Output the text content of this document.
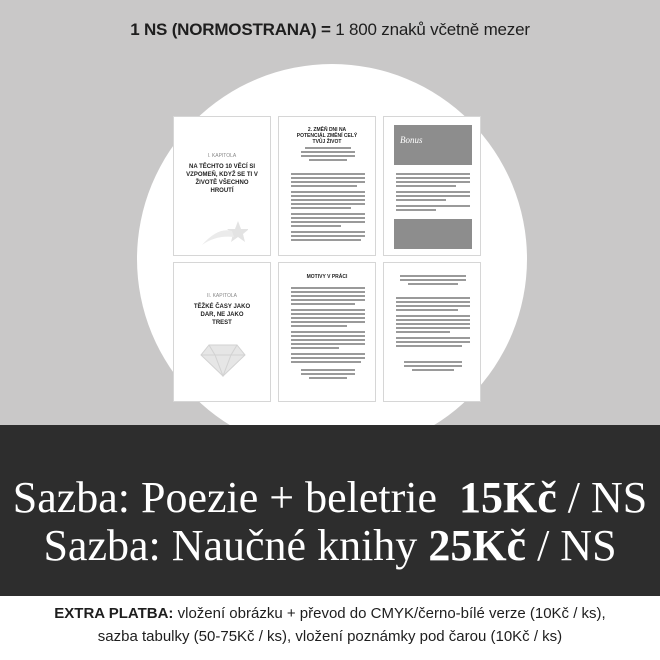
1 NS (NORMOSTRANA) = 1 800 znaků včetně mezer
I. KAPITOLA
NA TĚCHTO 10 VĚCÍ SI VZPOMEŇ, KDYŽ SE TI V ŽIVOTĚ VŠECHNO HROUTÍ
2. ZMĚŇ DNI NA POTENCIÁL ZMĚNÍ CELÝ TVŮJ ŽIVOT	Bonus
II. KAPITOLA
TĚŽKÉ ČASY JAKO DAR, NE JAKO TREST
MOTIVY V PRÁCI
Sazba: Poezie + beletrie 15Kč / NS
Sazba: Naučné knihy 25Kč / NS
EXTRA PLATBA: vložení obrázku + převod do CMYK/černo-bílé verze (10Kč / ks),
sazba tabulky (50-75Kč / ks), vložení poznámky pod čarou (10Kč / ks)
